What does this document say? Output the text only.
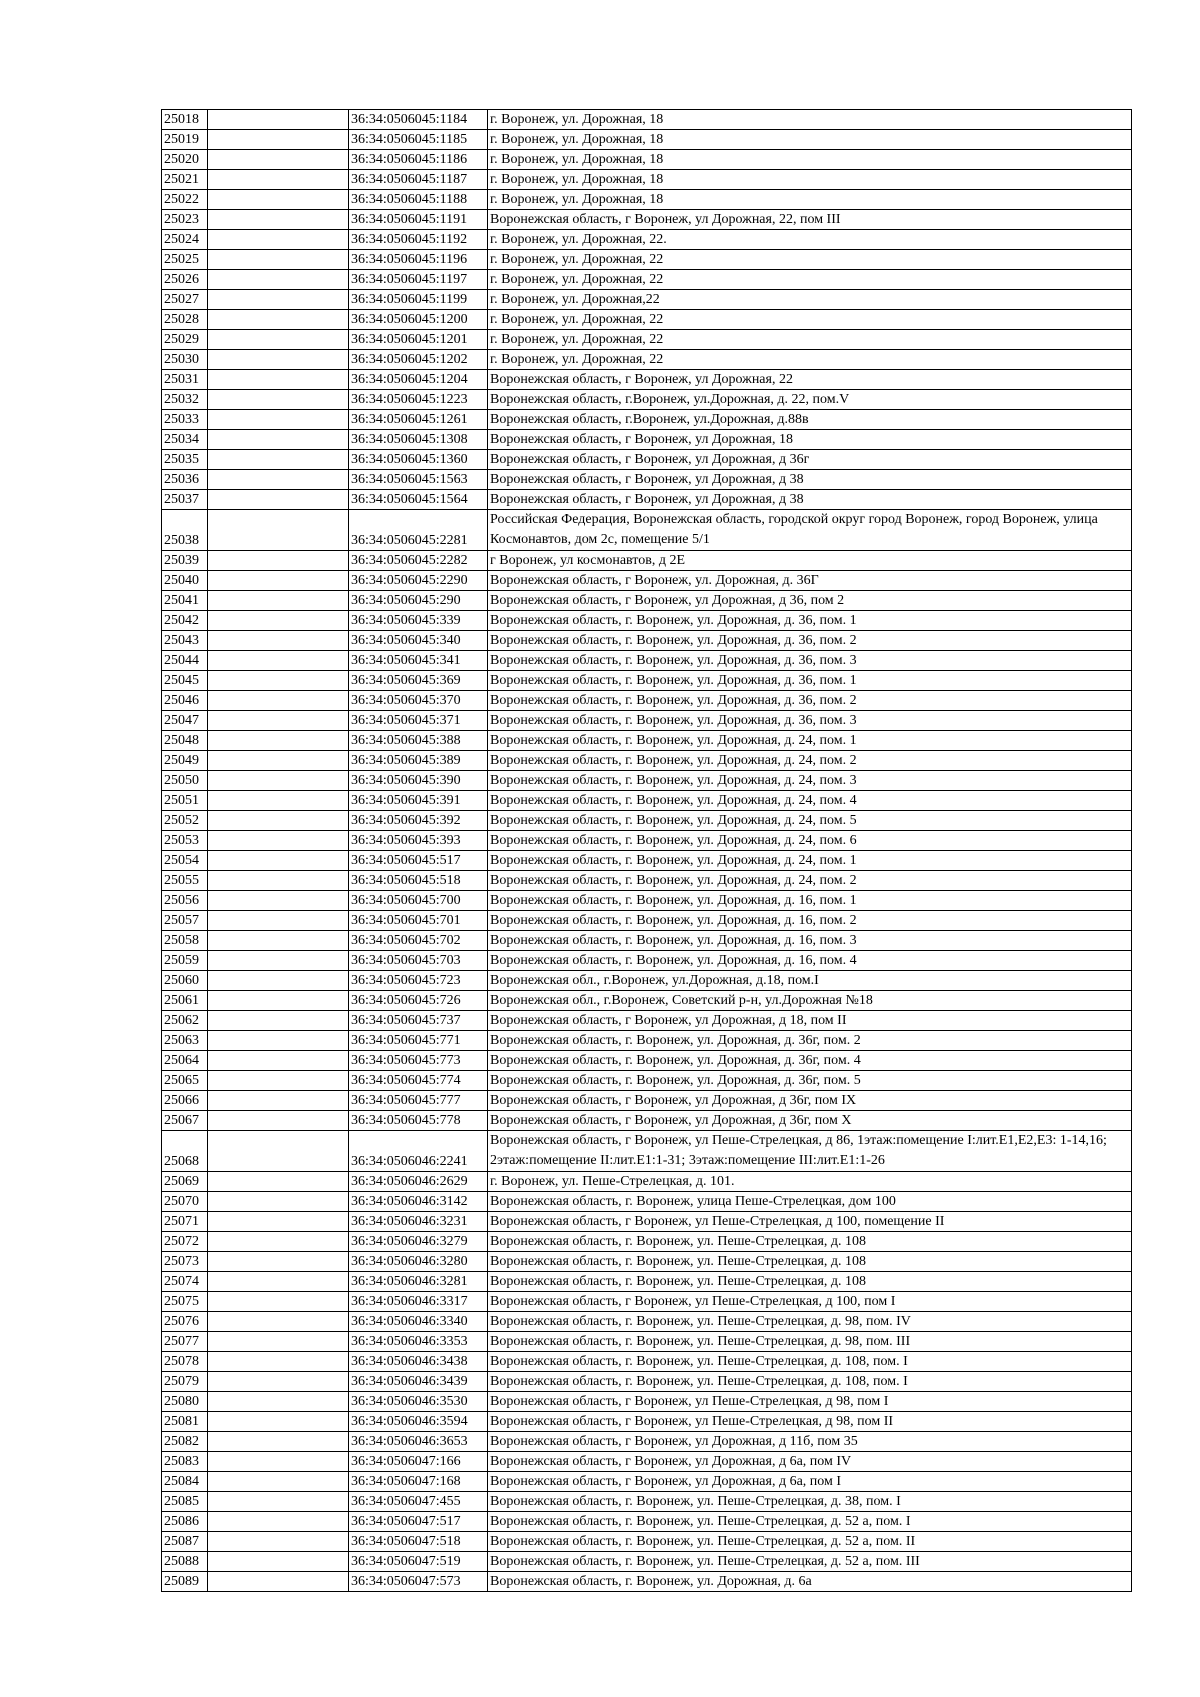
25018		36:34:0506045:1184	г. Воронеж, ул. Дорожная, 18
25019		36:34:0506045:1185	г. Воронеж, ул. Дорожная, 18
25020		36:34:0506045:1186	г. Воронеж, ул. Дорожная, 18
25021		36:34:0506045:1187	г. Воронеж, ул. Дорожная, 18
25022		36:34:0506045:1188	г. Воронеж, ул. Дорожная, 18
25023		36:34:0506045:1191	Воронежская область, г Воронеж, ул Дорожная, 22, пом III
25024		36:34:0506045:1192	г. Воронеж, ул. Дорожная, 22.
25025		36:34:0506045:1196	г. Воронеж, ул. Дорожная, 22
25026		36:34:0506045:1197	г. Воронеж, ул. Дорожная, 22
25027		36:34:0506045:1199	г. Воронеж, ул. Дорожная,22
25028		36:34:0506045:1200	г. Воронеж, ул. Дорожная, 22
25029		36:34:0506045:1201	г. Воронеж, ул. Дорожная, 22
25030		36:34:0506045:1202	г. Воронеж, ул. Дорожная, 22
25031		36:34:0506045:1204	Воронежская область, г Воронеж, ул Дорожная, 22
25032		36:34:0506045:1223	Воронежская область, г.Воронеж, ул.Дорожная, д. 22, пом.V
25033		36:34:0506045:1261	Воронежская область, г.Воронеж, ул.Дорожная, д.88в
25034		36:34:0506045:1308	Воронежская область, г Воронеж, ул Дорожная, 18
25035		36:34:0506045:1360	Воронежская область, г Воронеж, ул Дорожная, д 36г
25036		36:34:0506045:1563	Воронежская область, г Воронеж, ул Дорожная, д 38
25037		36:34:0506045:1564	Воронежская область, г Воронеж, ул Дорожная, д 38
25038		36:34:0506045:2281	Российская Федерация, Воронежская область, городской округ город Воронеж, город Воронеж, улица Космонавтов, дом 2с, помещение 5/1
25039		36:34:0506045:2282	г Воронеж, ул космонавтов, д 2Е
25040		36:34:0506045:2290	Воронежская область, г Воронеж, ул. Дорожная, д. 36Г
25041		36:34:0506045:290	Воронежская область, г Воронеж, ул Дорожная, д 36, пом 2
25042		36:34:0506045:339	Воронежская область, г. Воронеж, ул. Дорожная, д. 36, пом. 1
25043		36:34:0506045:340	Воронежская область, г. Воронеж, ул. Дорожная, д. 36, пом. 2
25044		36:34:0506045:341	Воронежская область, г. Воронеж, ул. Дорожная, д. 36, пом. 3
25045		36:34:0506045:369	Воронежская область, г. Воронеж, ул. Дорожная, д. 36, пом. 1
25046		36:34:0506045:370	Воронежская область, г. Воронеж, ул. Дорожная, д. 36, пом. 2
25047		36:34:0506045:371	Воронежская область, г. Воронеж, ул. Дорожная, д. 36, пом. 3
25048		36:34:0506045:388	Воронежская область, г. Воронеж, ул. Дорожная, д. 24, пом. 1
25049		36:34:0506045:389	Воронежская область, г. Воронеж, ул. Дорожная, д. 24, пом. 2
25050		36:34:0506045:390	Воронежская область, г. Воронеж, ул. Дорожная, д. 24, пом. 3
25051		36:34:0506045:391	Воронежская область, г. Воронеж, ул. Дорожная, д. 24, пом. 4
25052		36:34:0506045:392	Воронежская область, г. Воронеж, ул. Дорожная, д. 24, пом. 5
25053		36:34:0506045:393	Воронежская область, г. Воронеж, ул. Дорожная, д. 24, пом. 6
25054		36:34:0506045:517	Воронежская область, г. Воронеж, ул. Дорожная, д. 24, пом. 1
25055		36:34:0506045:518	Воронежская область, г. Воронеж, ул. Дорожная, д. 24, пом. 2
25056		36:34:0506045:700	Воронежская область, г. Воронеж, ул. Дорожная, д. 16, пом. 1
25057		36:34:0506045:701	Воронежская область, г. Воронеж, ул. Дорожная, д. 16, пом. 2
25058		36:34:0506045:702	Воронежская область, г. Воронеж, ул. Дорожная, д. 16, пом. 3
25059		36:34:0506045:703	Воронежская область, г. Воронеж, ул. Дорожная, д. 16, пом. 4
25060		36:34:0506045:723	Воронежская обл., г.Воронеж, ул.Дорожная, д.18, пом.I
25061		36:34:0506045:726	Воронежская обл., г.Воронеж, Советский р-н, ул.Дорожная №18
25062		36:34:0506045:737	Воронежская область, г Воронеж, ул Дорожная, д 18, пом II
25063		36:34:0506045:771	Воронежская область, г. Воронеж, ул. Дорожная, д. 36г, пом. 2
25064		36:34:0506045:773	Воронежская область, г. Воронеж, ул. Дорожная, д. 36г, пом. 4
25065		36:34:0506045:774	Воронежская область, г. Воронеж, ул. Дорожная, д. 36г, пом. 5
25066		36:34:0506045:777	Воронежская область, г Воронеж, ул Дорожная, д 36г, пом IX
25067		36:34:0506045:778	Воронежская область, г Воронеж, ул Дорожная, д 36г, пом X
25068		36:34:0506046:2241	Воронежская область, г Воронеж, ул Пеше-Стрелецкая, д 86, 1этаж:помещение I:лит.Е1,Е2,Е3: 1-14,16; 2этаж:помещение II:лит.Е1:1-31; 3этаж:помещение III:лит.Е1:1-26
25069		36:34:0506046:2629	г. Воронеж, ул. Пеше-Стрелецкая, д. 101.
25070		36:34:0506046:3142	Воронежская область, г. Воронеж, улица Пеше-Стрелецкая, дом 100
25071		36:34:0506046:3231	Воронежская область, г Воронеж, ул Пеше-Стрелецкая, д 100, помещение II
25072		36:34:0506046:3279	Воронежская область, г. Воронеж, ул. Пеше-Стрелецкая, д. 108
25073		36:34:0506046:3280	Воронежская область, г. Воронеж, ул. Пеше-Стрелецкая, д. 108
25074		36:34:0506046:3281	Воронежская область, г. Воронеж, ул. Пеше-Стрелецкая, д. 108
25075		36:34:0506046:3317	Воронежская область, г Воронеж, ул Пеше-Стрелецкая, д 100, пом I
25076		36:34:0506046:3340	Воронежская область, г. Воронеж, ул. Пеше-Стрелецкая, д. 98, пом. IV
25077		36:34:0506046:3353	Воронежская область, г. Воронеж, ул. Пеше-Стрелецкая, д. 98, пом. III
25078		36:34:0506046:3438	Воронежская область, г. Воронеж, ул. Пеше-Стрелецкая, д. 108, пом. I
25079		36:34:0506046:3439	Воронежская область, г. Воронеж, ул. Пеше-Стрелецкая, д. 108, пом. I
25080		36:34:0506046:3530	Воронежская область, г Воронеж, ул Пеше-Стрелецкая, д 98, пом I
25081		36:34:0506046:3594	Воронежская область, г Воронеж, ул Пеше-Стрелецкая, д 98, пом II
25082		36:34:0506046:3653	Воронежская область, г Воронеж, ул Дорожная, д 11б, пом 35
25083		36:34:0506047:166	Воронежская область, г Воронеж, ул Дорожная, д 6а, пом IV
25084		36:34:0506047:168	Воронежская область, г Воронеж, ул Дорожная, д 6а, пом I
25085		36:34:0506047:455	Воронежская область, г. Воронеж, ул. Пеше-Стрелецкая, д. 38, пом. I
25086		36:34:0506047:517	Воронежская область, г. Воронеж, ул. Пеше-Стрелецкая, д. 52 а, пом. I
25087		36:34:0506047:518	Воронежская область, г. Воронеж, ул. Пеше-Стрелецкая, д. 52 а, пом. II
25088		36:34:0506047:519	Воронежская область, г. Воронеж, ул. Пеше-Стрелецкая, д. 52 а, пом. III
25089		36:34:0506047:573	Воронежская область, г. Воронеж, ул. Дорожная, д. 6а
